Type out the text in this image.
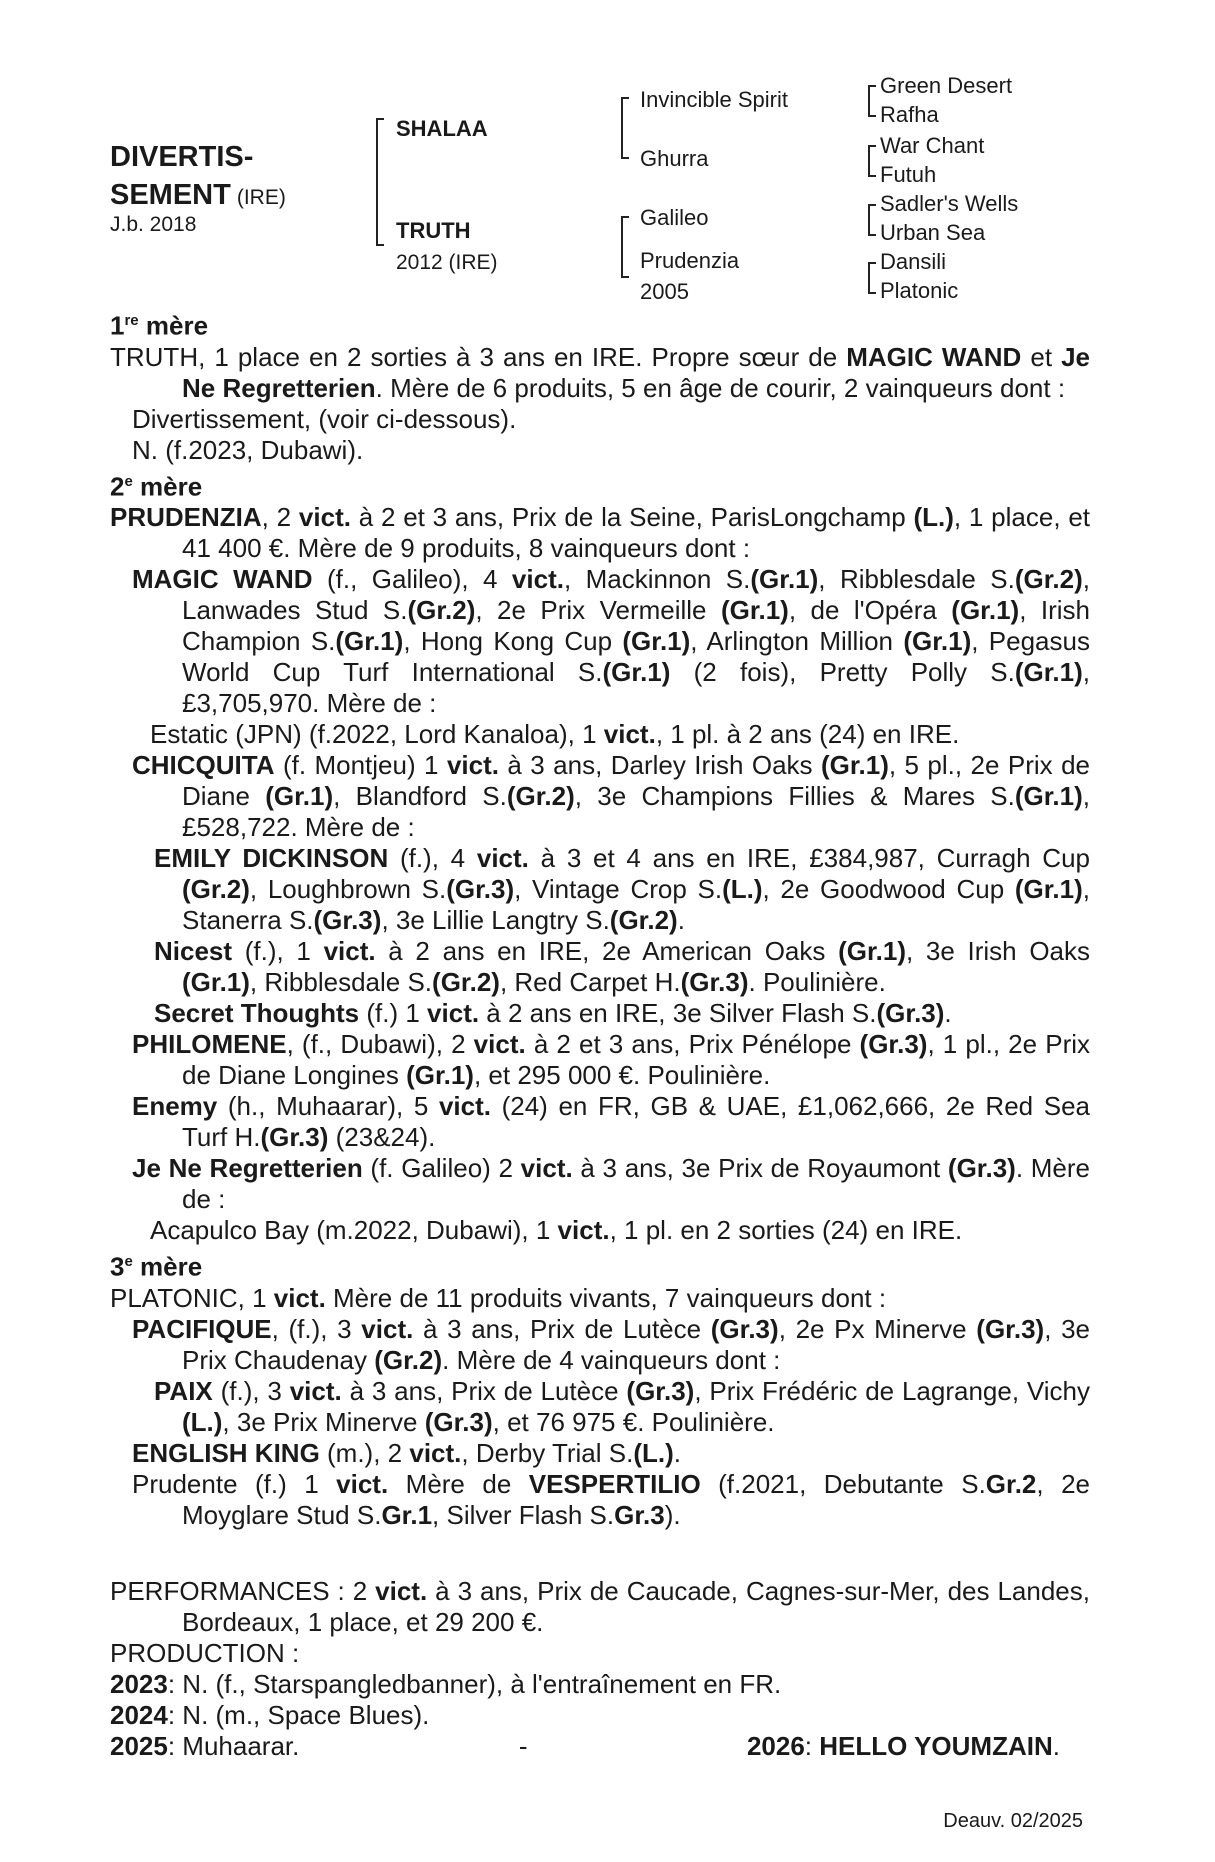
DIVERTIS-
SEMENT (IRE)
J.b. 2018
SHALAA
TRUTH
2012 (IRE)
Invincible Spirit
Ghurra
Galileo
Prudenzia
2005
Green Desert
Rafha
War Chant
Futuh
Sadler's Wells
Urban Sea
Dansili
Platonic

1re mère

TRUTH, 1 place en 2 sorties à 3 ans en IRE. Propre sœur de MAGIC WAND et Je Ne Regretterien. Mère de 6 produits, 5 en âge de courir, 2 vainqueurs dont :

Divertissement, (voir ci-dessous).

N. (f.2023, Dubawi).

2e mère

PRUDENZIA, 2 vict. à 2 et 3 ans, Prix de la Seine, ParisLongchamp (L.), 1 place, et 41 400 €. Mère de 9 produits, 8 vainqueurs dont :

MAGIC WAND (f., Galileo), 4 vict., Mackinnon S.(Gr.1), Ribblesdale S.(Gr.2), Lanwades Stud S.(Gr.2), 2e Prix Vermeille (Gr.1), de l'Opéra (Gr.1), Irish Champion S.(Gr.1), Hong Kong Cup (Gr.1), Arlington Million (Gr.1), Pegasus World Cup Turf International S.(Gr.1) (2 fois), Pretty Polly S.(Gr.1), £3,705,970. Mère de :

Estatic (JPN) (f.2022, Lord Kanaloa), 1 vict., 1 pl. à 2 ans (24) en IRE.

CHICQUITA (f. Montjeu) 1 vict. à 3 ans, Darley Irish Oaks (Gr.1), 5 pl., 2e Prix de Diane (Gr.1), Blandford S.(Gr.2), 3e Champions Fillies & Mares S.(Gr.1), £528,722. Mère de :

EMILY DICKINSON (f.), 4 vict. à 3 et 4 ans en IRE, £384,987, Curragh Cup (Gr.2), Loughbrown S.(Gr.3), Vintage Crop S.(L.), 2e Goodwood Cup (Gr.1), Stanerra S.(Gr.3), 3e Lillie Langtry S.(Gr.2).

Nicest (f.), 1 vict. à 2 ans en IRE, 2e American Oaks (Gr.1), 3e Irish Oaks (Gr.1), Ribblesdale S.(Gr.2), Red Carpet H.(Gr.3). Poulinière.

Secret Thoughts (f.) 1 vict. à 2 ans en IRE, 3e Silver Flash S.(Gr.3).

PHILOMENE, (f., Dubawi), 2 vict. à 2 et 3 ans, Prix Pénélope (Gr.3), 1 pl., 2e Prix de Diane Longines (Gr.1), et 295 000 €. Poulinière.

Enemy (h., Muhaarar), 5 vict. (24) en FR, GB & UAE, £1,062,666, 2e Red Sea Turf H.(Gr.3) (23&24).

Je Ne Regretterien (f. Galileo) 2 vict. à 3 ans, 3e Prix de Royaumont (Gr.3). Mère de :

Acapulco Bay (m.2022, Dubawi), 1 vict., 1 pl. en 2 sorties (24) en IRE.

3e mère

PLATONIC, 1 vict. Mère de 11 produits vivants, 7 vainqueurs dont :

PACIFIQUE, (f.), 3 vict. à 3 ans, Prix de Lutèce (Gr.3), 2e Px Minerve (Gr.3), 3e Prix Chaudenay (Gr.2). Mère de 4 vainqueurs dont :

PAIX (f.), 3 vict. à 3 ans, Prix de Lutèce (Gr.3), Prix Frédéric de Lagrange, Vichy (L.), 3e Prix Minerve (Gr.3), et 76 975 €. Poulinière.

ENGLISH KING (m.), 2 vict., Derby Trial S.(L.).

Prudente (f.) 1 vict. Mère de VESPERTILIO (f.2021, Debutante S.Gr.2, 2e Moyglare Stud S.Gr.1, Silver Flash S.Gr.3).

PERFORMANCES : 2 vict. à 3 ans, Prix de Caucade, Cagnes-sur-Mer, des Landes, Bordeaux, 1 place, et 29 200 €.

PRODUCTION :

2023: N. (f., Starspangledbanner), à l'entraînement en FR.

2024: N. (m., Space Blues).

2025: Muhaarar.	-	2026: HELLO YOUMZAIN.
Deauv. 02/2025
